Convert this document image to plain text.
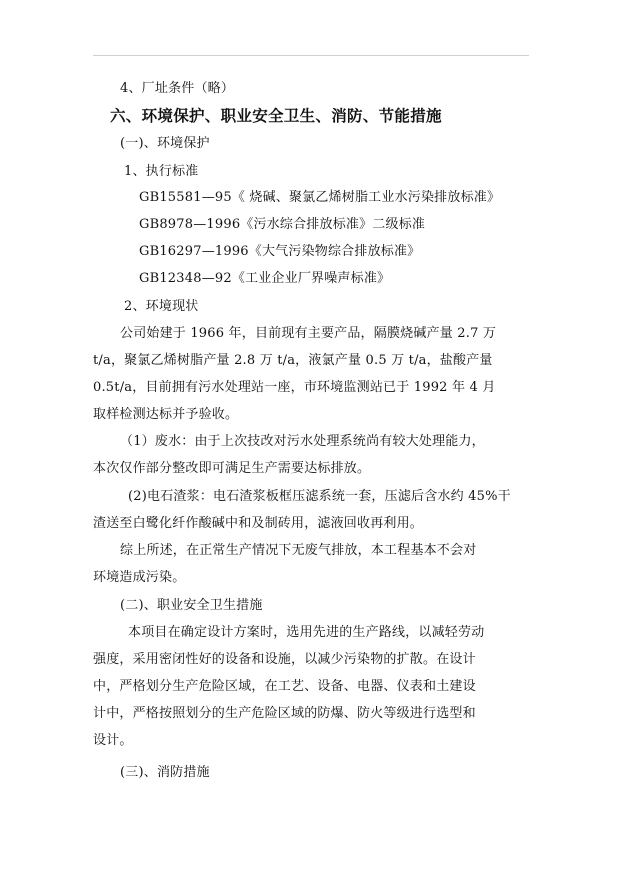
4、厂址条件（略）
六、环境保护、职业安全卫生、消防、节能措施
(一)、环境保护
1、执行标准
GB15581—95《 烧碱、聚氯乙烯树脂工业水污染排放标准》
GB8978—1996《污水综合排放标准》二级标准
GB16297—1996《大气污染物综合排放标准》
GB12348—92《工业企业厂界噪声标准》
2、环境现状
公司始建于 1966 年，目前现有主要产品，隔膜烧碱产量 2.7 万
t/a，聚氯乙烯树脂产量 2.8 万 t/a，液氯产量 0.5 万 t/a，盐酸产量
0.5t/a，目前拥有污水处理站一座，市环境监测站已于 1992 年 4 月
取样检测达标并予验收。
（1）废水：由于上次技改对污水处理系统尚有较大处理能力，
本次仅作部分整改即可满足生产需要达标排放。
(2)电石渣浆：电石渣浆板框压滤系统一套，压滤后含水约 45%干
渣送至白鹭化纤作酸碱中和及制砖用，滤液回收再利用。
综上所述，在正常生产情况下无废气排放，本工程基本不会对
环境造成污染。
(二)、职业安全卫生措施
本项目在确定设计方案时，选用先进的生产路线，以减轻劳动
强度，采用密闭性好的设备和设施，以减少污染物的扩散。在设计
中，严格划分生产危险区域，在工艺、设备、电器、仪表和土建设
计中，严格按照划分的生产危险区域的防爆、防火等级进行选型和
设计。
(三)、消防措施
